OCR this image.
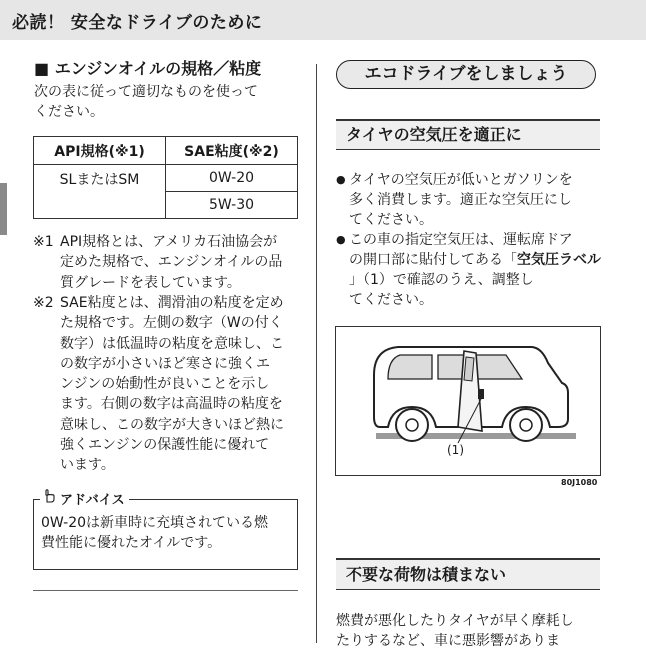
必読！ 安全なドライブのために
■ エンジンオイルの規格／粘度

次の表に従って適切なものを使って

ください。

API規格(※1)	SAE粘度(※2)
SLまたはSM	0W-20
	5W-30
※1 API規格とは、アメリカ石油協会が
定めた規格で、エンジンオイルの品
質グレードを表しています。
※2 SAE粘度とは、潤滑油の粘度を定め
た規格です。左側の数字（Wの付く
数字）は低温時の粘度を意味し、こ
の数字が小さいほど寒さに強くエ
ンジンの始動性が良いことを示し
ます。右側の数字は高温時の粘度を
意味し、この数字が大きいほど熱に
強くエンジンの保護性能に優れて
います。
アドバイス
0W-20は新車時に充填されている燃
費性能に優れたオイルです。
エコドライブをしましょう
タイヤの空気圧を適正に
● タイヤの空気圧が低いとガソリンを
多く消費します。適正な空気圧にし
てください。
● この車の指定空気圧は、運転席ドア
の開口部に貼付してある「空気圧ラベル
」（1）で確認のうえ、調整し
てください。
(1)
80J1080
不要な荷物は積まない
燃費が悪化したりタイヤが早く摩耗し
たりするなど、車に悪影響がありま
